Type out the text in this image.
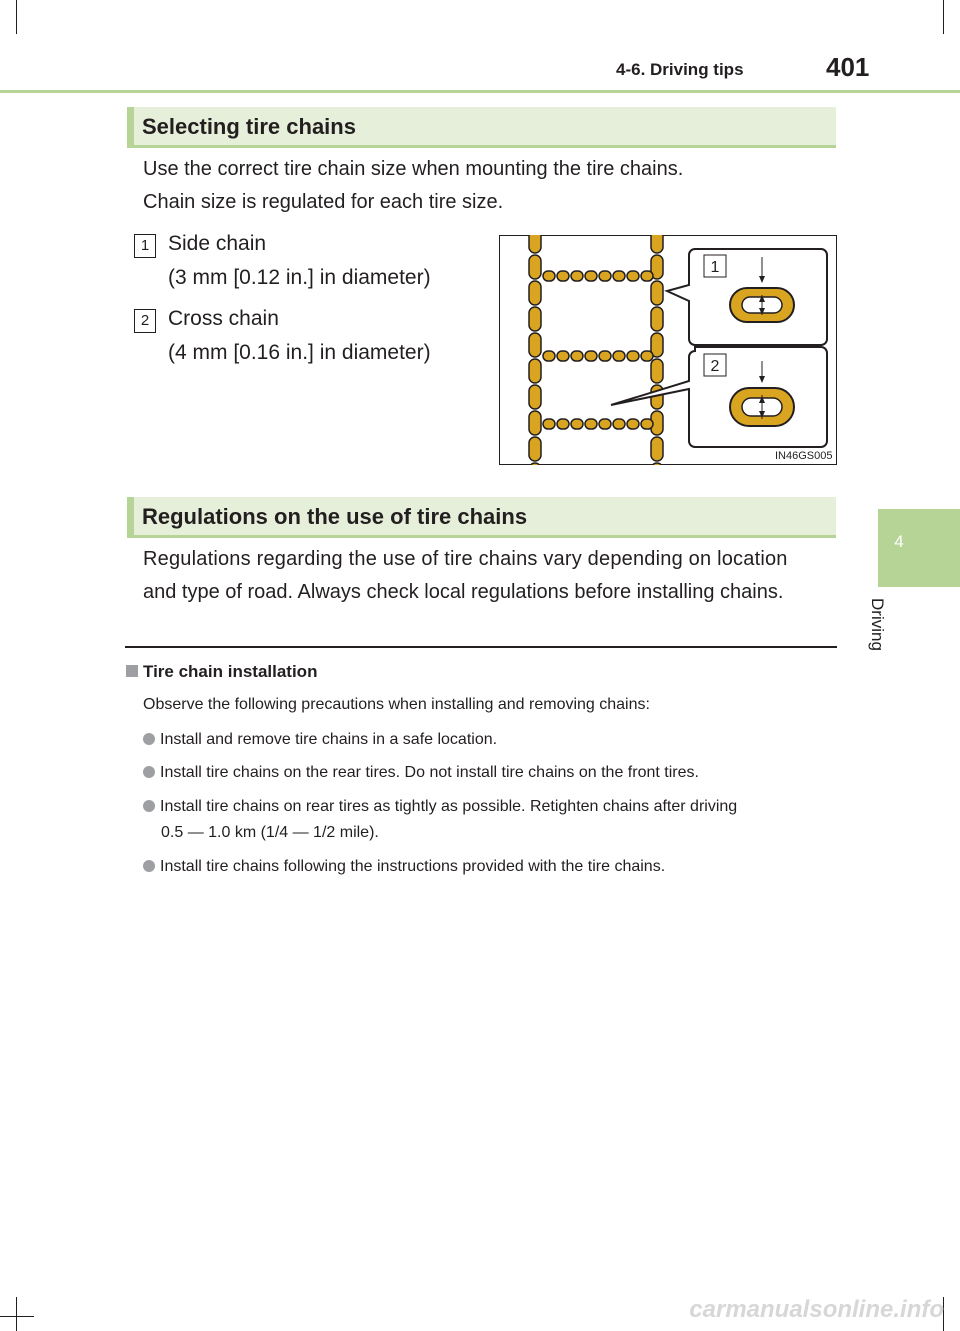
4-6. Driving tips	401
4
Driving
Selecting tire chains
Use the correct tire chain size when mounting the tire chains.
Chain size is regulated for each tire size.
1 Side chain
(3 mm [0.12 in.] in diameter)
2 Cross chain
(4 mm [0.16 in.] in diameter)
1
2
IN46GS005
Regulations on the use of tire chains
Regulations regarding the use of tire chains vary depending on location
and type of road. Always check local regulations before installing chains.
Tire chain installation
Observe the following precautions when installing and removing chains:
Install and remove tire chains in a safe location.
Install tire chains on the rear tires. Do not install tire chains on the front tires.
Install tire chains on rear tires as tightly as possible. Retighten chains after driving
0.5 — 1.0 km (1/4 — 1/2 mile).
Install tire chains following the instructions provided with the tire chains.
carmanualsonline.info
